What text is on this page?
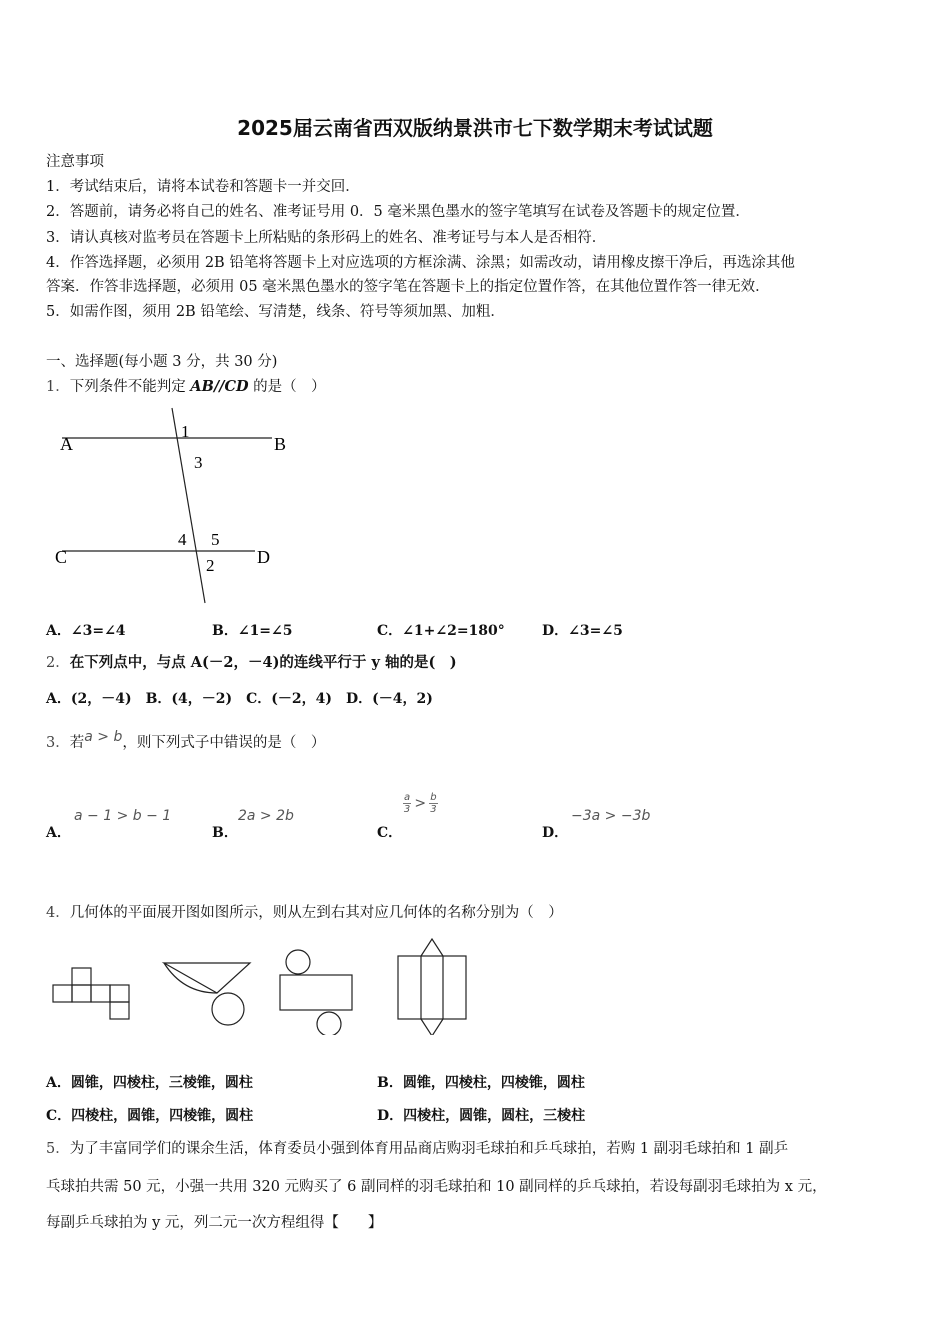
2025届云南省西双版纳景洪市七下数学期末考试试题
注意事项
1．考试结束后，请将本试卷和答题卡一并交回．
2．答题前，请务必将自己的姓名、准考证号用 0．5 毫米黑色墨水的签字笔填写在试卷及答题卡的规定位置．
3．请认真核对监考员在答题卡上所粘贴的条形码上的姓名、准考证号与本人是否相符．
4．作答选择题，必须用 2B 铅笔将答题卡上对应选项的方框涂满、涂黑；如需改动，请用橡皮擦干净后，再选涂其他
答案．作答非选择题，必须用 05 毫米黑色墨水的签字笔在答题卡上的指定位置作答，在其他位置作答一律无效．
5．如需作图，须用 2B 铅笔绘、写清楚，线条、符号等须加黑、加粗．
一、选择题(每小题 3 分，共 30 分)
1．下列条件不能判定 AB//CD 的是（　）
A	B
C	D
1
3
4 5
2
A．∠3=∠4	B．∠1=∠5	C．∠1+∠2=180°	D．∠3=∠5
2．在下列点中，与点 A(－2，－4)的连线平行于 y 轴的是(　)
A．(2，－4)　B．(4，－2)　C．(－2，4)　D．(－4，2)
3．若a > b，则下列式子中错误的是（　）
A．
a − 1 > b − 1
B．
2a > 2b
C．
$\frac{a}{3} > \frac{b}{3}$
D．
−3a > −3b
4．几何体的平面展开图如图所示，则从左到右其对应几何体的名称分别为（　）
A．圆锥，四棱柱，三棱锥，圆柱	B．圆锥，四棱柱，四棱锥，圆柱
C．四棱柱，圆锥，四棱锥，圆柱	D．四棱柱，圆锥，圆柱，三棱柱
5．为了丰富同学们的课余生活，体育委员小强到体育用品商店购羽毛球拍和乒乓球拍，若购 1 副羽毛球拍和 1 副乒
乓球拍共需 50 元，小强一共用 320 元购买了 6 副同样的羽毛球拍和 10 副同样的乒乓球拍，若设每副羽毛球拍为 x 元，
每副乒乓球拍为 y 元，列二元一次方程组得【　　】
